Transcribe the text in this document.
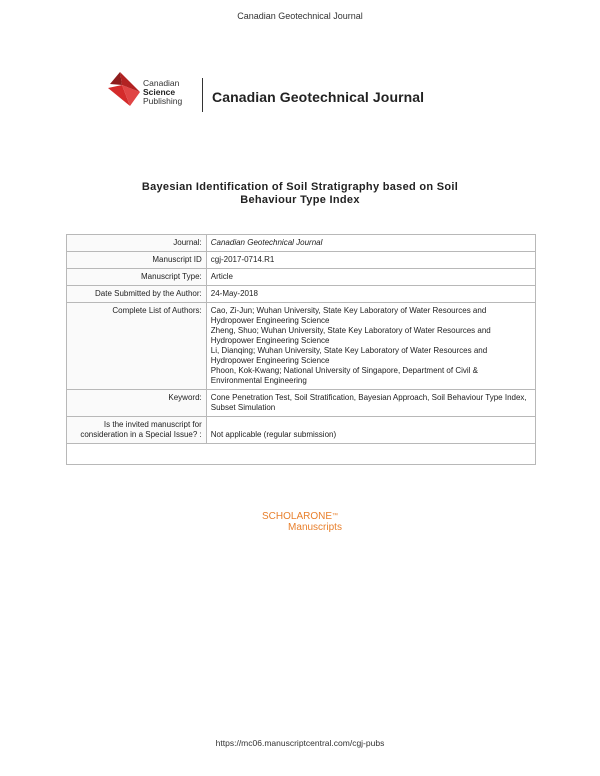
Canadian Geotechnical Journal
Canadian
Science
Publishing Canadian Geotechnical Journal
Bayesian Identification of Soil Stratigraphy based on Soil
Behaviour Type Index
Journal:	Canadian Geotechnical Journal
Manuscript ID	cgj-2017-0714.R1
Manuscript Type:	Article
Date Submitted by the Author:	24-May-2018
Complete List of Authors:	Cao, Zi-Jun; Wuhan University, State Key Laboratory of Water Resources and Hydropower Engineering Science
Zheng, Shuo; Wuhan University, State Key Laboratory of Water Resources and Hydropower Engineering Science
Li, Dianqing; Wuhan University, State Key Laboratory of Water Resources and Hydropower Engineering Science
Phoon, Kok-Kwang; National University of Singapore, Department of Civil & Environmental Engineering

Keyword:	Cone Penetration Test, Soil Stratification, Bayesian Approach, Soil Behaviour Type Index, Subset Simulation
Is the invited manuscript for consideration in a Special Issue? :	Not applicable (regular submission)

SCHOLARONE™
Manuscripts
https://mc06.manuscriptcentral.com/cgj-pubs
